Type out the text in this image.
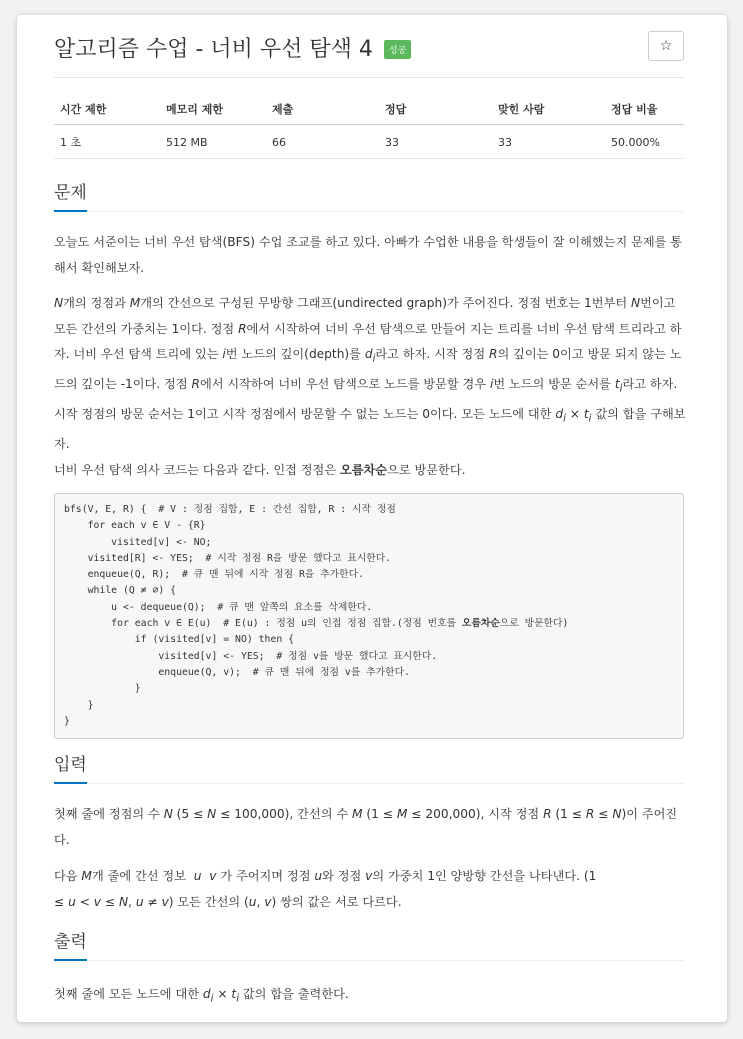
알고리즘 수업 - 너비 우선 탐색 4 성공	☆
시간 제한	메모리 제한	제출	정답	맞힌 사람	정답 비율
1 초	512 MB	66	33	33	50.000%
문제

오늘도 서준이는 너비 우선 탐색(BFS) 수업 조교를 하고 있다. 아빠가 수업한 내용을 학생들이 잘 이해했는지 문제를 통해서 확인해보자.

N개의 정점과 M개의 간선으로 구성된 무방향 그래프(undirected graph)가 주어진다. 정점 번호는 1번부터 N번이고 모든 간선의 가중치는 1이다. 정점 R에서 시작하여 너비 우선 탐색으로 만들어 지는 트리를 너비 우선 탐색 트리라고 하자. 너비 우선 탐색 트리에 있는 i번 노드의 깊이(depth)를 $d_i$라고 하자. 시작 정점 R의 깊이는 0이고 방문 되지 않는 노드의 깊이는 -1이다. 정점 R에서 시작하여 너비 우선 탐색으로 노드를 방문할 경우 i번 노드의 방문 순서를 $t_i$라고 하자. 시작 정점의 방문 순서는 1이고 시작 정점에서 방문할 수 없는 노드는 0이다. 모든 노드에 대한 $d_i \times t_i$ 값의 합을 구해보자.

너비 우선 탐색 의사 코드는 다음과 같다. 인접 정점은 오름차순으로 방문한다.

bfs(V, E, R) {  # V : 정점 집합, E : 간선 집합, R : 시작 정점
for each v ∈ V - {R}
visited[v] <- NO;
visited[R] <- YES;  # 시작 정점 R을 방문 했다고 표시한다.
enqueue(Q, R);  # 큐 맨 뒤에 시작 정점 R을 추가한다.
while (Q ≠ ∅) {
u <- dequeue(Q);  # 큐 맨 앞쪽의 요소를 삭제한다.
for each v ∈ E(u)  # E(u) : 정점 u의 인접 정점 집합.(정점 번호를 오름차순으로 방문한다)
if (visited[v] = NO) then {
visited[v] <- YES;  # 정점 v를 방문 했다고 표시한다.
enqueue(Q, v);  # 큐 맨 뒤에 정점 v를 추가한다.
}
}
}
입력

첫째 줄에 정점의 수 N (5 ≤ N ≤ 100,000), 간선의 수 M (1 ≤ M ≤ 200,000), 시작 정점 R (1 ≤ R ≤ N)이 주어진다.

다음 M개 줄에 간선 정보  u v 가 주어지며 정점 u와 정점 v의 가중치 1인 양방향 간선을 나타낸다. (1
≤ u < v ≤ N, u ≠ v) 모든 간선의 (u, v) 쌍의 값은 서로 다르다.

출력

첫째 줄에 모든 노드에 대한 $d_i \times t_i$ 값의 합을 출력한다.
